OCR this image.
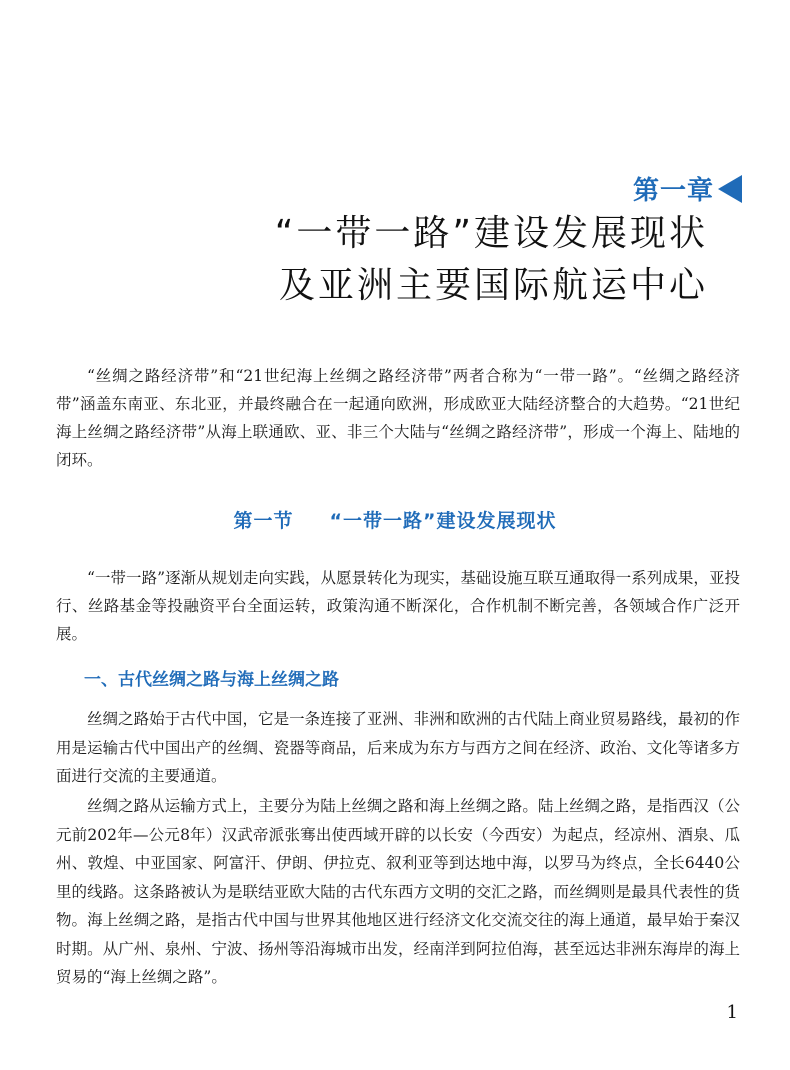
第一章
“一带一路”建设发展现状
及亚洲主要国际航运中心

“丝绸之路经济带”和“21世纪海上丝绸之路经济带”两者合称为“一带一路”。“丝绸之路经济带”涵盖东南亚、东北亚，并最终融合在一起通向欧洲，形成欧亚大陆经济整合的大趋势。“21世纪海上丝绸之路经济带”从海上联通欧、亚、非三个大陆与“丝绸之路经济带”，形成一个海上、陆地的闭环。

第一节 “一带一路”建设发展现状

“一带一路”逐渐从规划走向实践，从愿景转化为现实，基础设施互联互通取得一系列成果，亚投行、丝路基金等投融资平台全面运转，政策沟通不断深化，合作机制不断完善，各领域合作广泛开展。

一、古代丝绸之路与海上丝绸之路

丝绸之路始于古代中国，它是一条连接了亚洲、非洲和欧洲的古代陆上商业贸易路线，最初的作用是运输古代中国出产的丝绸、瓷器等商品，后来成为东方与西方之间在经济、政治、文化等诸多方面进行交流的主要通道。

丝绸之路从运输方式上，主要分为陆上丝绸之路和海上丝绸之路。陆上丝绸之路，是指西汉（公元前202年—公元8年）汉武帝派张骞出使西域开辟的以长安（今西安）为起点，经凉州、酒泉、瓜州、敦煌、中亚国家、阿富汗、伊朗、伊拉克、叙利亚等到达地中海，以罗马为终点，全长6440公里的线路。这条路被认为是联结亚欧大陆的古代东西方文明的交汇之路，而丝绸则是最具代表性的货物。海上丝绸之路，是指古代中国与世界其他地区进行经济文化交流交往的海上通道，最早始于秦汉时期。从广州、泉州、宁波、扬州等沿海城市出发，经南洋到阿拉伯海，甚至远达非洲东海岸的海上贸易的“海上丝绸之路”。

1
